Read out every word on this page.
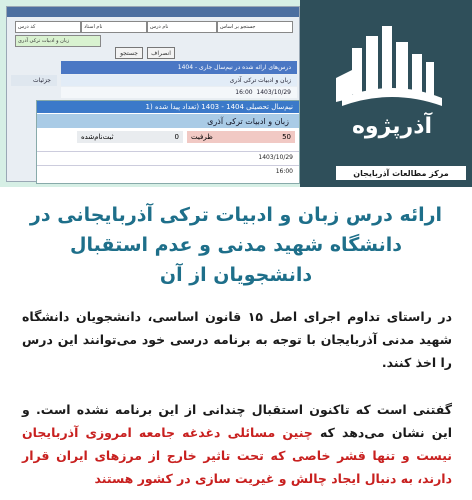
جستجو بر اساس
نام درس
نام استاد
کد درس
زبان و ادبیات ترکی آذری
جستجو	انصراف
درس‌های ارائه شده در نیم‌سال جاری - 1404
زبان و ادبیات ترکی آذری
جزئیات
16:00
1403/10/29
نیم‌سال تحصیلی 1404 - 1403 (تعداد پیدا شده (1
زبان و ادبیات ترکی آذری
ظرفیت	50
ثبت‌نام‌شده	0
1403/10/29
16:00
آذرپژوه
مرکز مطالعات آذربایجان
ارائه درس زبان و ادبیات ترکی آذربایجانی در دانشگاه شهید مدنی و عدم استقبال دانشجویان از آن
در راستای تداوم اجرای اصل ۱۵ قانون اساسی، دانشجویان دانشگاه شهید مدنی آذربایجان با توجه به برنامه درسی خود می‌توانند این درس را اخذ کنند.
گفتنی است که تاکنون استقبال چندانی از این برنامه نشده است. و این نشان می‌دهد که چنین مسائلی دغدغه جامعه امروزی آذربایجان نیست و تنها قشر خاصی که تحت تاثیر خارج از مرزهای ایران قرار دارند، به دنبال ایجاد چالش و غیریت سازی در کشور هستند
